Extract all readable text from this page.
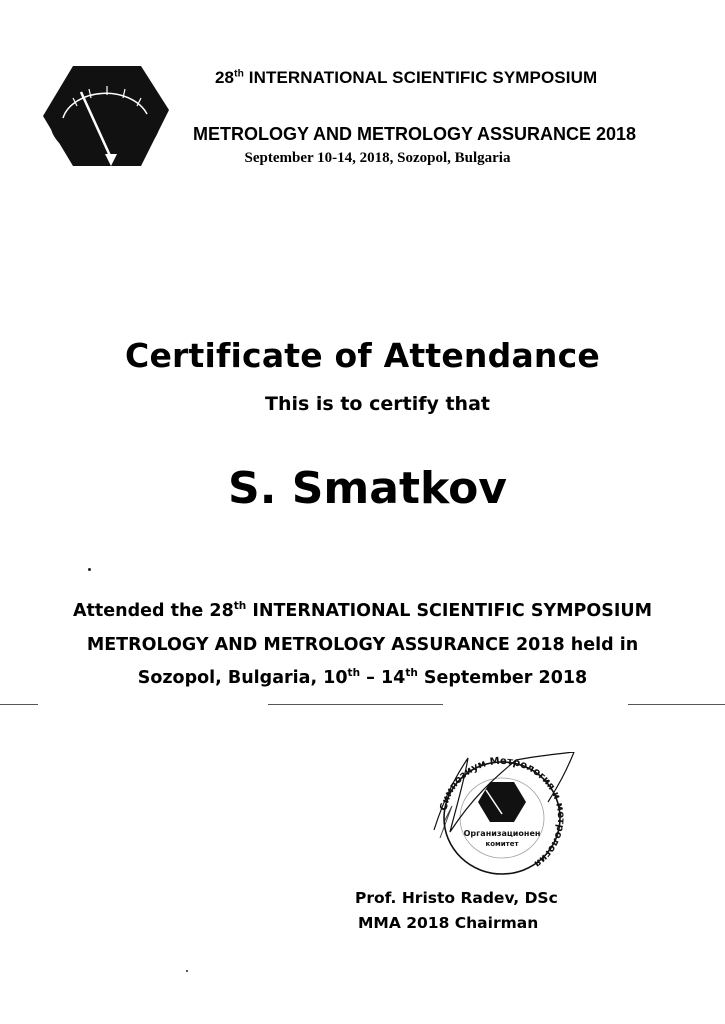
28th INTERNATIONAL SCIENTIFIC SYMPOSIUM
METROLOGY AND METROLOGY ASSURANCE 2018
September 10-14, 2018, Sozopol, Bulgaria
Certificate of Attendance
This is to certify that
S. Smatkov
Attended the 28th INTERNATIONAL SCIENTIFIC SYMPOSIUM
METROLOGY AND METROLOGY ASSURANCE 2018 held in
Sozopol, Bulgaria, 10th – 14th September 2018
Симпозиум Метрология и метрология
Организационен
комитет
Prof. Hristo Radev, DSc
MMA 2018 Chairman
